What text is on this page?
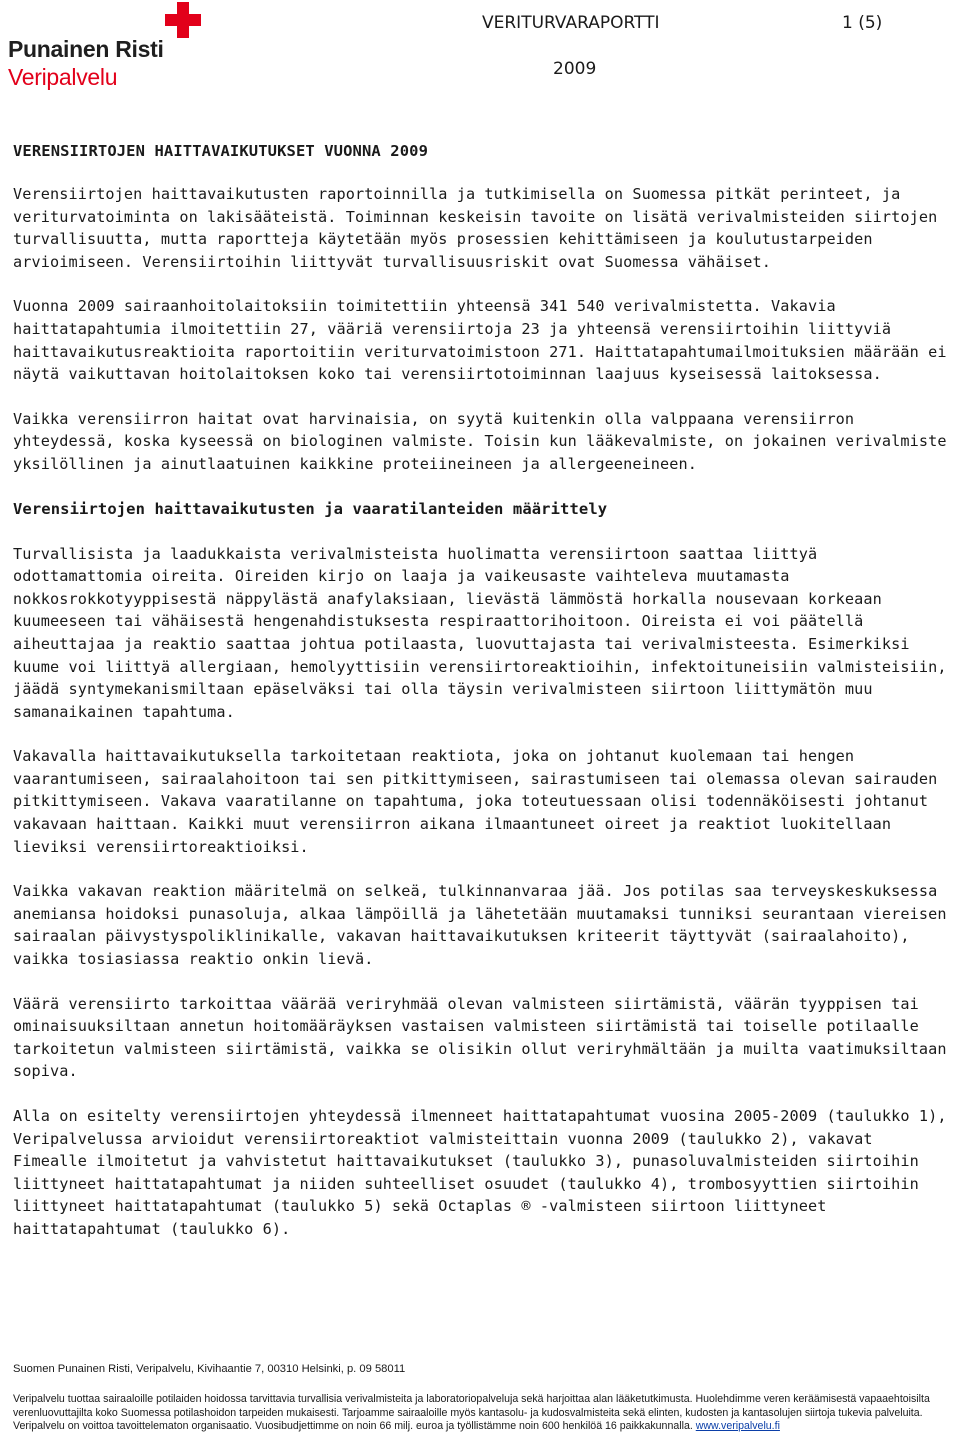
Punainen Risti
Veripalvelu
VERITURVARAPORTTI	1 (5)
2009
VERENSIIRTOJEN HAITTAVAIKUTUKSET VUONNA 2009

Verensiirtojen haittavaikutusten raportoinnilla ja tutkimisella on Suomessa pitkät perinteet, ja veriturvatoiminta on lakisääteistä. Toiminnan keskeisin tavoite on lisätä verivalmisteiden siirtojen turvallisuutta, mutta raportteja käytetään myös prosessien kehittämiseen ja koulutustarpeiden arvioimiseen. Verensiirtoihin liittyvät turvallisuusriskit ovat Suomessa vähäiset.

Vuonna 2009 sairaanhoitolaitoksiin toimitettiin yhteensä 341 540 verivalmistetta. Vakavia haittatapahtumia ilmoitettiin 27, vääriä verensiirtoja 23 ja yhteensä verensiirtoihin liittyviä haittavaikutusreaktioita raportoitiin veriturvatoimistoon 271. Haittatapahtumailmoituksien määrään ei näytä vaikuttavan hoitolaitoksen koko tai verensiirtotoiminnan laajuus kyseisessä laitoksessa.

Vaikka verensiirron haitat ovat harvinaisia, on syytä kuitenkin olla valppaana verensiirron yhteydessä, koska kyseessä on biologinen valmiste. Toisin kun lääkevalmiste, on jokainen verivalmiste yksilöllinen ja ainutlaatuinen kaikkine proteiineineen ja allergeeneineen.

Verensiirtojen haittavaikutusten ja vaaratilanteiden määrittely

Turvallisista ja laadukkaista verivalmisteista huolimatta verensiirtoon saattaa liittyä odottamattomia oireita. Oireiden kirjo on laaja ja vaikeusaste vaihteleva muutamasta nokkosrokkotyyppisestä näppylästä anafylaksiaan, lievästä lämmöstä horkalla nousevaan korkeaan kuumeeseen tai vähäisestä hengenahdistuksesta respiraattorihoitoon. Oireista ei voi päätellä aiheuttajaa ja reaktio saattaa johtua potilaasta, luovuttajasta tai verivalmisteesta. Esimerkiksi kuume voi liittyä allergiaan, hemolyyttisiin verensiirtoreaktioihin, infektoituneisiin valmisteisiin, jäädä syntymekanismiltaan epäselväksi tai olla täysin verivalmisteen siirtoon liittymätön muu samanaikainen tapahtuma.

Vakavalla haittavaikutuksella tarkoitetaan reaktiota, joka on johtanut kuolemaan tai hengen vaarantumiseen, sairaalahoitoon tai sen pitkittymiseen, sairastumiseen tai olemassa olevan sairauden pitkittymiseen. Vakava vaaratilanne on tapahtuma, joka toteutuessaan olisi todennäköisesti johtanut vakavaan haittaan. Kaikki muut verensiirron aikana ilmaantuneet oireet ja reaktiot luokitellaan lieviksi verensiirtoreaktioiksi.

Vaikka vakavan reaktion määritelmä on selkeä, tulkinnanvaraa jää. Jos potilas saa terveyskeskuksessa anemiansa hoidoksi punasoluja, alkaa lämpöillä ja lähetetään muutamaksi tunniksi seurantaan viereisen sairaalan päivystyspoliklinikalle, vakavan haittavaikutuksen kriteerit täyttyvät (sairaalahoito), vaikka tosiasiassa reaktio onkin lievä.

Väärä verensiirto tarkoittaa väärää veriryhmää olevan valmisteen siirtämistä, väärän tyyppisen tai ominaisuuksiltaan annetun hoitomääräyksen vastaisen valmisteen siirtämistä tai toiselle potilaalle tarkoitetun valmisteen siirtämistä, vaikka se olisikin ollut veriryhmältään ja muilta vaatimuksiltaan sopiva.

Alla on esitelty verensiirtojen yhteydessä ilmenneet haittatapahtumat vuosina 2005-2009 (taulukko 1), Veripalvelussa arvioidut verensiirtoreaktiot valmisteittain vuonna 2009 (taulukko 2), vakavat Fimealle ilmoitetut ja vahvistetut haittavaikutukset (taulukko 3), punasoluvalmisteiden siirtoihin liittyneet haittatapahtumat ja niiden suhteelliset osuudet (taulukko 4), trombosyyttien siirtoihin liittyneet haittatapahtumat (taulukko 5) sekä Octaplas ® -valmisteen siirtoon liittyneet haittatapahtumat (taulukko 6).

Suomen Punainen Risti, Veripalvelu, Kivihaantie 7, 00310 Helsinki, p. 09 58011
Veripalvelu tuottaa sairaaloille potilaiden hoidossa tarvittavia turvallisia verivalmisteita ja laboratoriopalveluja sekä harjoittaa alan lääketutkimusta. Huolehdimme veren keräämisestä vapaaehtoisilta verenluovuttajilta koko Suomessa potilashoidon tarpeiden mukaisesti. Tarjoamme sairaaloille myös kantasolu- ja kudosvalmisteita sekä elinten, kudosten ja kantasolujen siirtoja tukevia palveluita. Veripalvelu on voittoa tavoittelematon organisaatio. Vuosibudjettimme on noin 66 milj. euroa ja työllistämme noin 600 henkilöä 16 paikkakunnalla. www.veripalvelu.fi
